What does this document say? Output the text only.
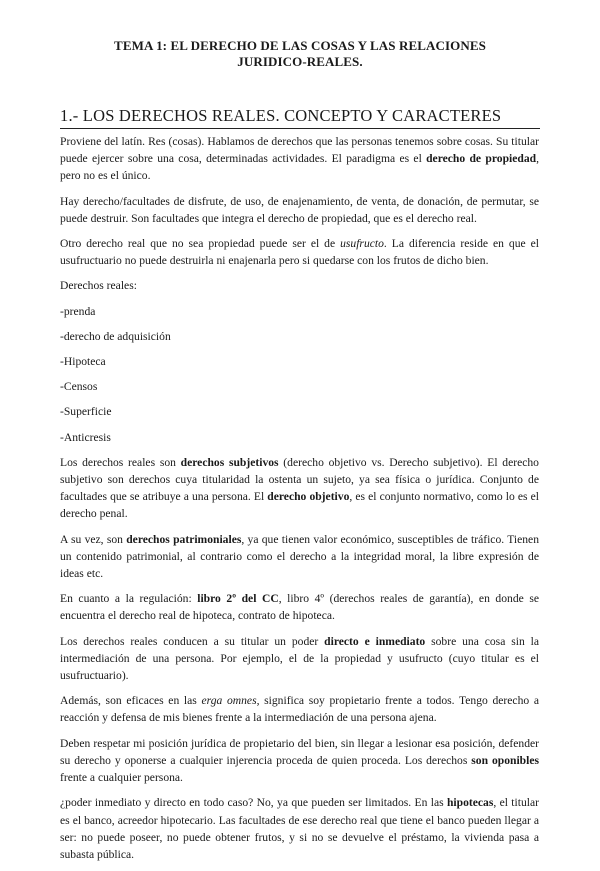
TEMA 1: EL DERECHO DE LAS COSAS Y LAS RELACIONES
JURIDICO-REALES.
1.- LOS DERECHOS REALES. CONCEPTO Y CARACTERES

Proviene del latín. Res (cosas). Hablamos de derechos que las personas tenemos sobre cosas. Su titular puede ejercer sobre una cosa, determinadas actividades. El paradigma es el derecho de propiedad, pero no es el único.

Hay derecho/facultades de disfrute, de uso, de enajenamiento, de venta, de donación, de permutar, se puede destruir. Son facultades que integra el derecho de propiedad, que es el derecho real.

Otro derecho real que no sea propiedad puede ser el de usufructo. La diferencia reside en que el usufructuario no puede destruirla ni enajenarla pero si quedarse con los frutos de dicho bien.

Derechos reales:

-prenda

-derecho de adquisición

-Hipoteca

-Censos

-Superficie

-Anticresis

Los derechos reales son derechos subjetivos (derecho objetivo vs. Derecho subjetivo). El derecho subjetivo son derechos cuya titularidad la ostenta un sujeto, ya sea física o jurídica. Conjunto de facultades que se atribuye a una persona. El derecho objetivo, es el conjunto normativo, como lo es el derecho penal.

A su vez, son derechos patrimoniales, ya que tienen valor económico, susceptibles de tráfico. Tienen un contenido patrimonial, al contrario como el derecho a la integridad moral, la libre expresión de ideas etc.

En cuanto a la regulación: libro 2º del CC, libro 4º (derechos reales de garantía), en donde se encuentra el derecho real de hipoteca, contrato de hipoteca.

Los derechos reales conducen a su titular un poder directo e inmediato sobre una cosa sin la intermediación de una persona. Por ejemplo, el de la propiedad y usufructo (cuyo titular es el usufructuario).

Además, son eficaces en las erga omnes, significa soy propietario frente a todos. Tengo derecho a reacción y defensa de mis bienes frente a la intermediación de una persona ajena.

Deben respetar mi posición jurídica de propietario del bien, sin llegar a lesionar esa posición, defender su derecho y oponerse a cualquier injerencia proceda de quien proceda. Los derechos son oponibles frente a cualquier persona.

¿poder inmediato y directo en todo caso? No, ya que pueden ser limitados. En las hipotecas, el titular es el banco, acreedor hipotecario. Las facultades de ese derecho real que tiene el banco pueden llegar a ser: no puede poseer, no puede obtener frutos, y si no se devuelve el préstamo, la vivienda pasa a subasta pública.
